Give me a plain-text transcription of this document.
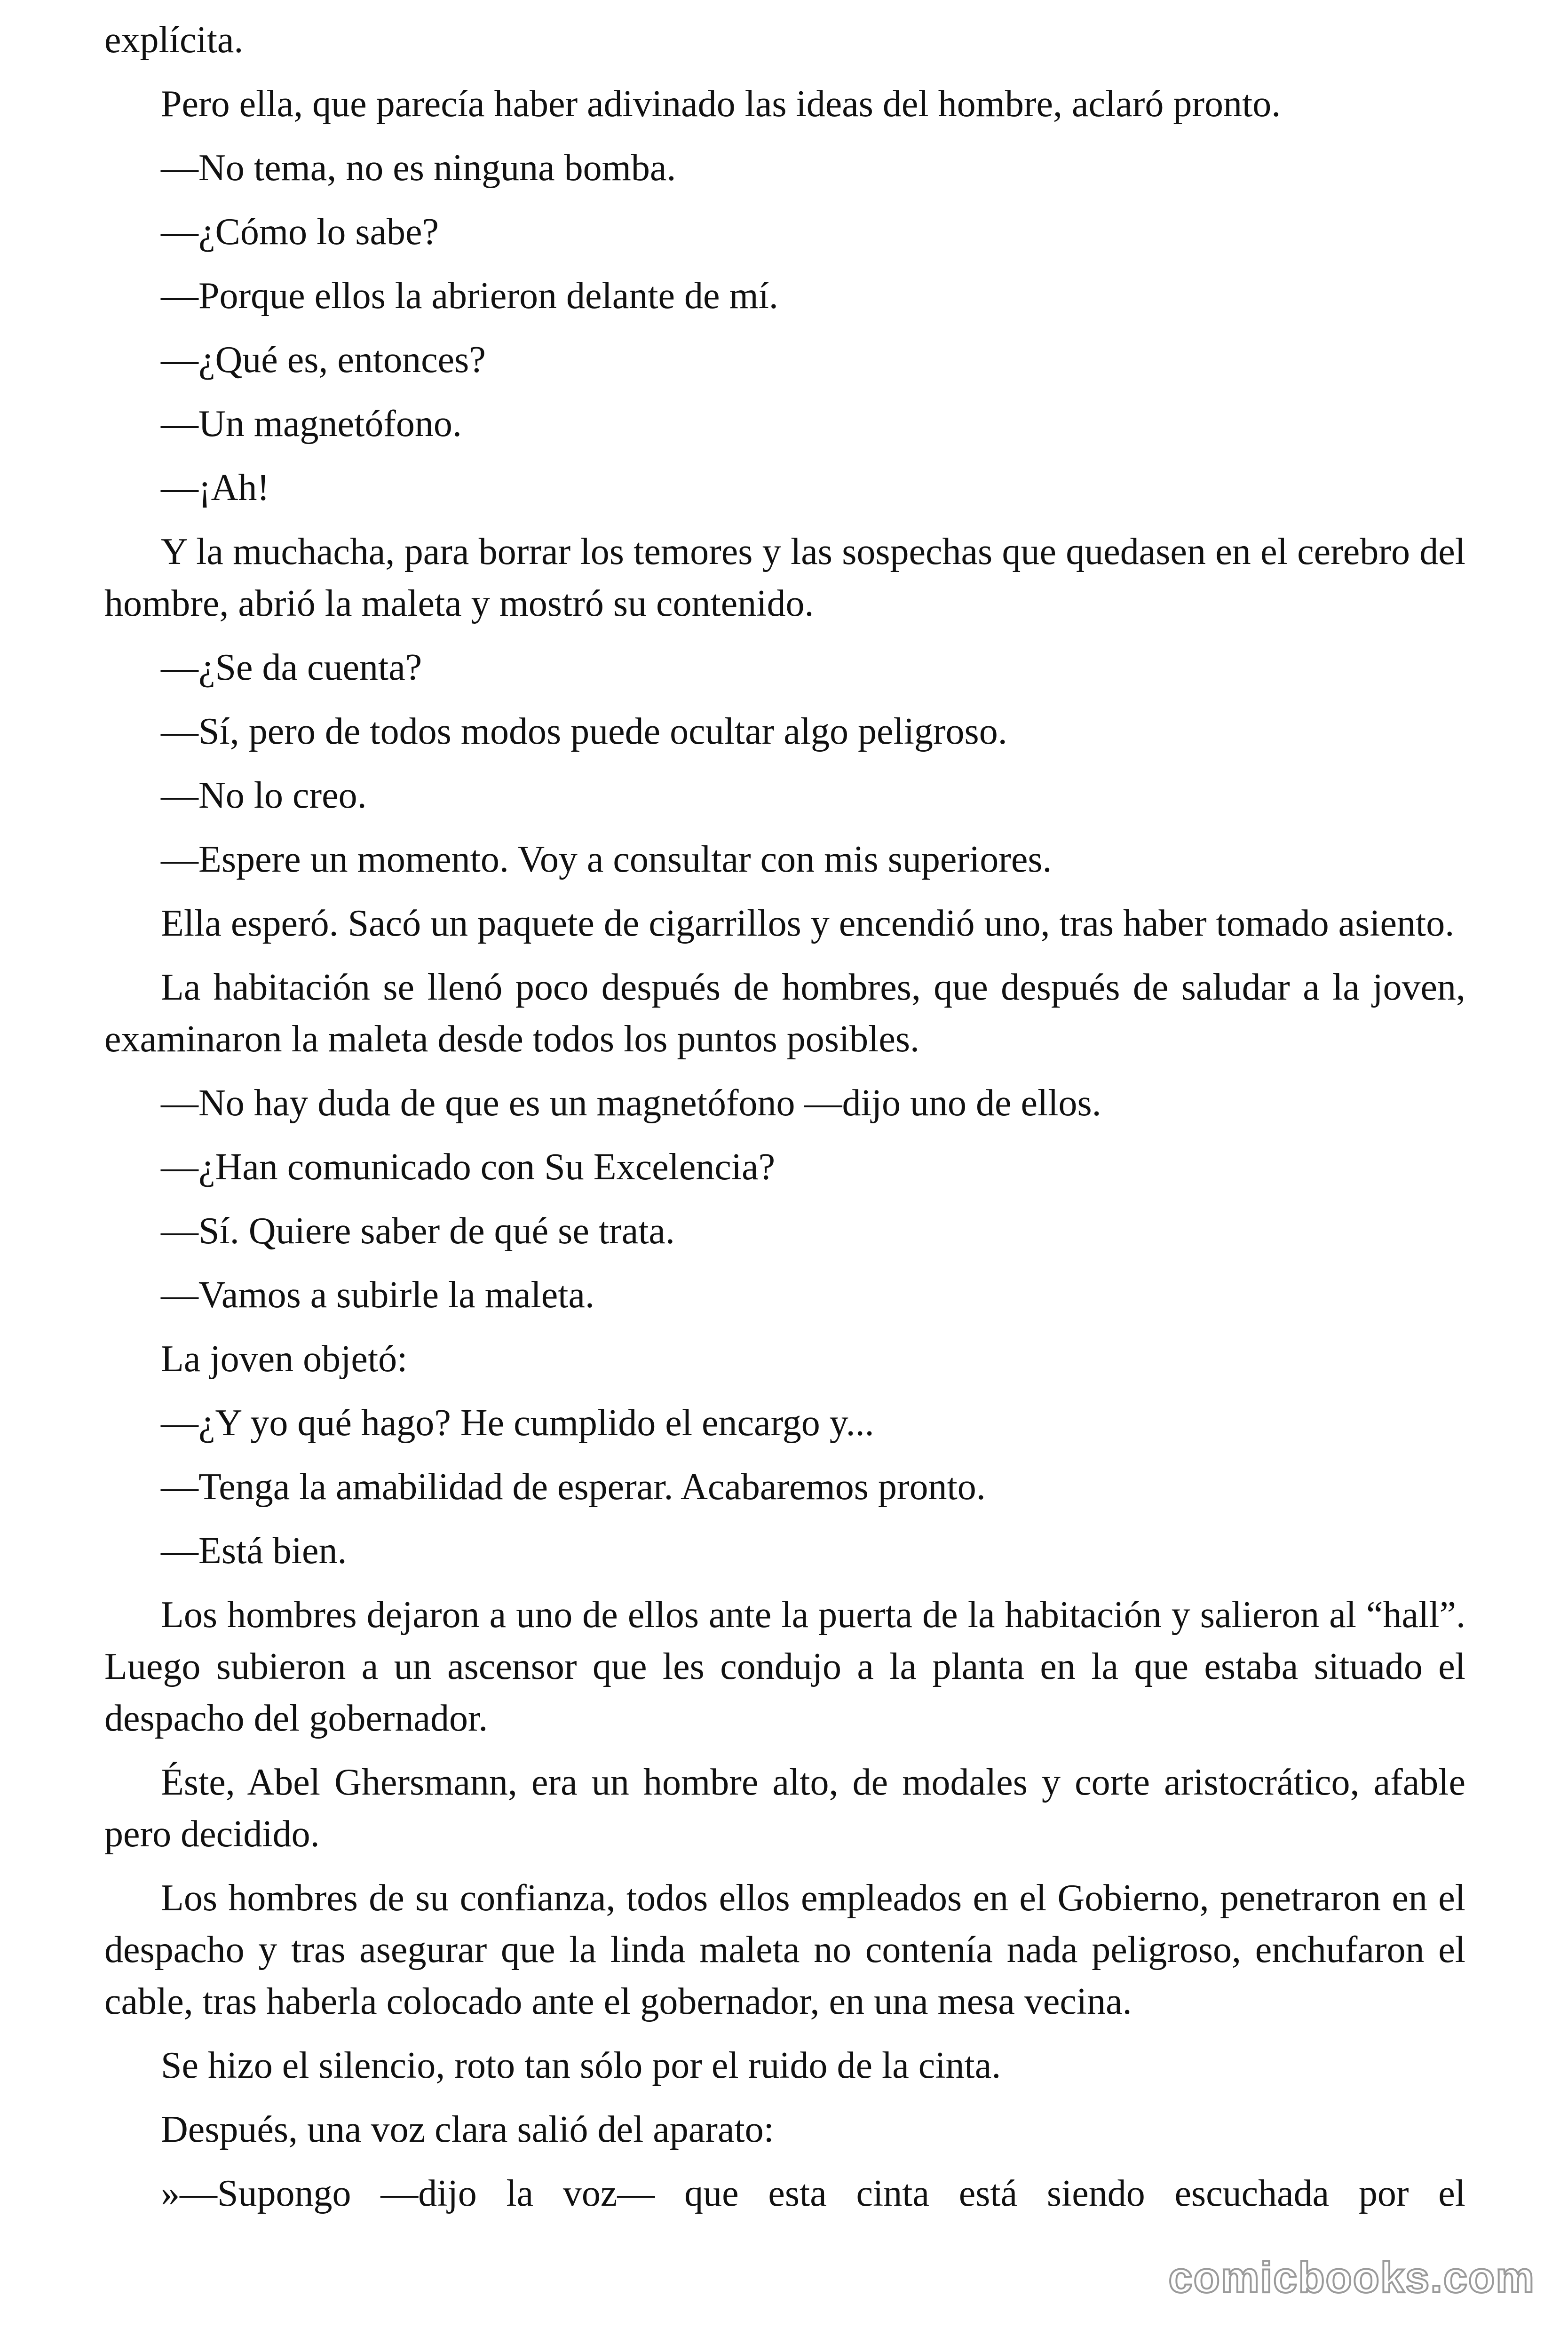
explícita.

Pero ella, que parecía haber adivinado las ideas del hombre, aclaró pronto.

—No tema, no es ninguna bomba.

—¿Cómo lo sabe?

—Porque ellos la abrieron delante de mí.

—¿Qué es, entonces?

—Un magnetófono.

—¡Ah!

Y la muchacha, para borrar los temores y las sospechas que quedasen en el cerebro del hombre, abrió la maleta y mostró su contenido.

—¿Se da cuenta?

—Sí, pero de todos modos puede ocultar algo peligroso.

—No lo creo.

—Espere un momento. Voy a consultar con mis superiores.

Ella esperó. Sacó un paquete de cigarrillos y encendió uno, tras haber tomado asiento.

La habitación se llenó poco después de hombres, que después de saludar a la joven, examinaron la maleta desde todos los puntos posibles.

—No hay duda de que es un magnetófono —dijo uno de ellos.

—¿Han comunicado con Su Excelencia?

—Sí. Quiere saber de qué se trata.

—Vamos a subirle la maleta.

La joven objetó:

—¿Y yo qué hago? He cumplido el encargo y...

—Tenga la amabilidad de esperar. Acabaremos pronto.

—Está bien.

Los hombres dejaron a uno de ellos ante la puerta de la habitación y salieron al “hall”. Luego subieron a un ascensor que les condujo a la planta en la que estaba situado el despacho del gobernador.

Éste, Abel Ghersmann, era un hombre alto, de modales y corte aristocrático, afable pero decidido.

Los hombres de su confianza, todos ellos empleados en el Gobierno, penetraron en el despacho y tras asegurar que la linda maleta no contenía nada peligroso, enchufaron el cable, tras haberla colocado ante el gobernador, en una mesa vecina.

Se hizo el silencio, roto tan sólo por el ruido de la cinta.

Después, una voz clara salió del aparato:

»—Supongo —dijo la voz— que esta cinta está siendo escuchada por el

comicbooks.com
